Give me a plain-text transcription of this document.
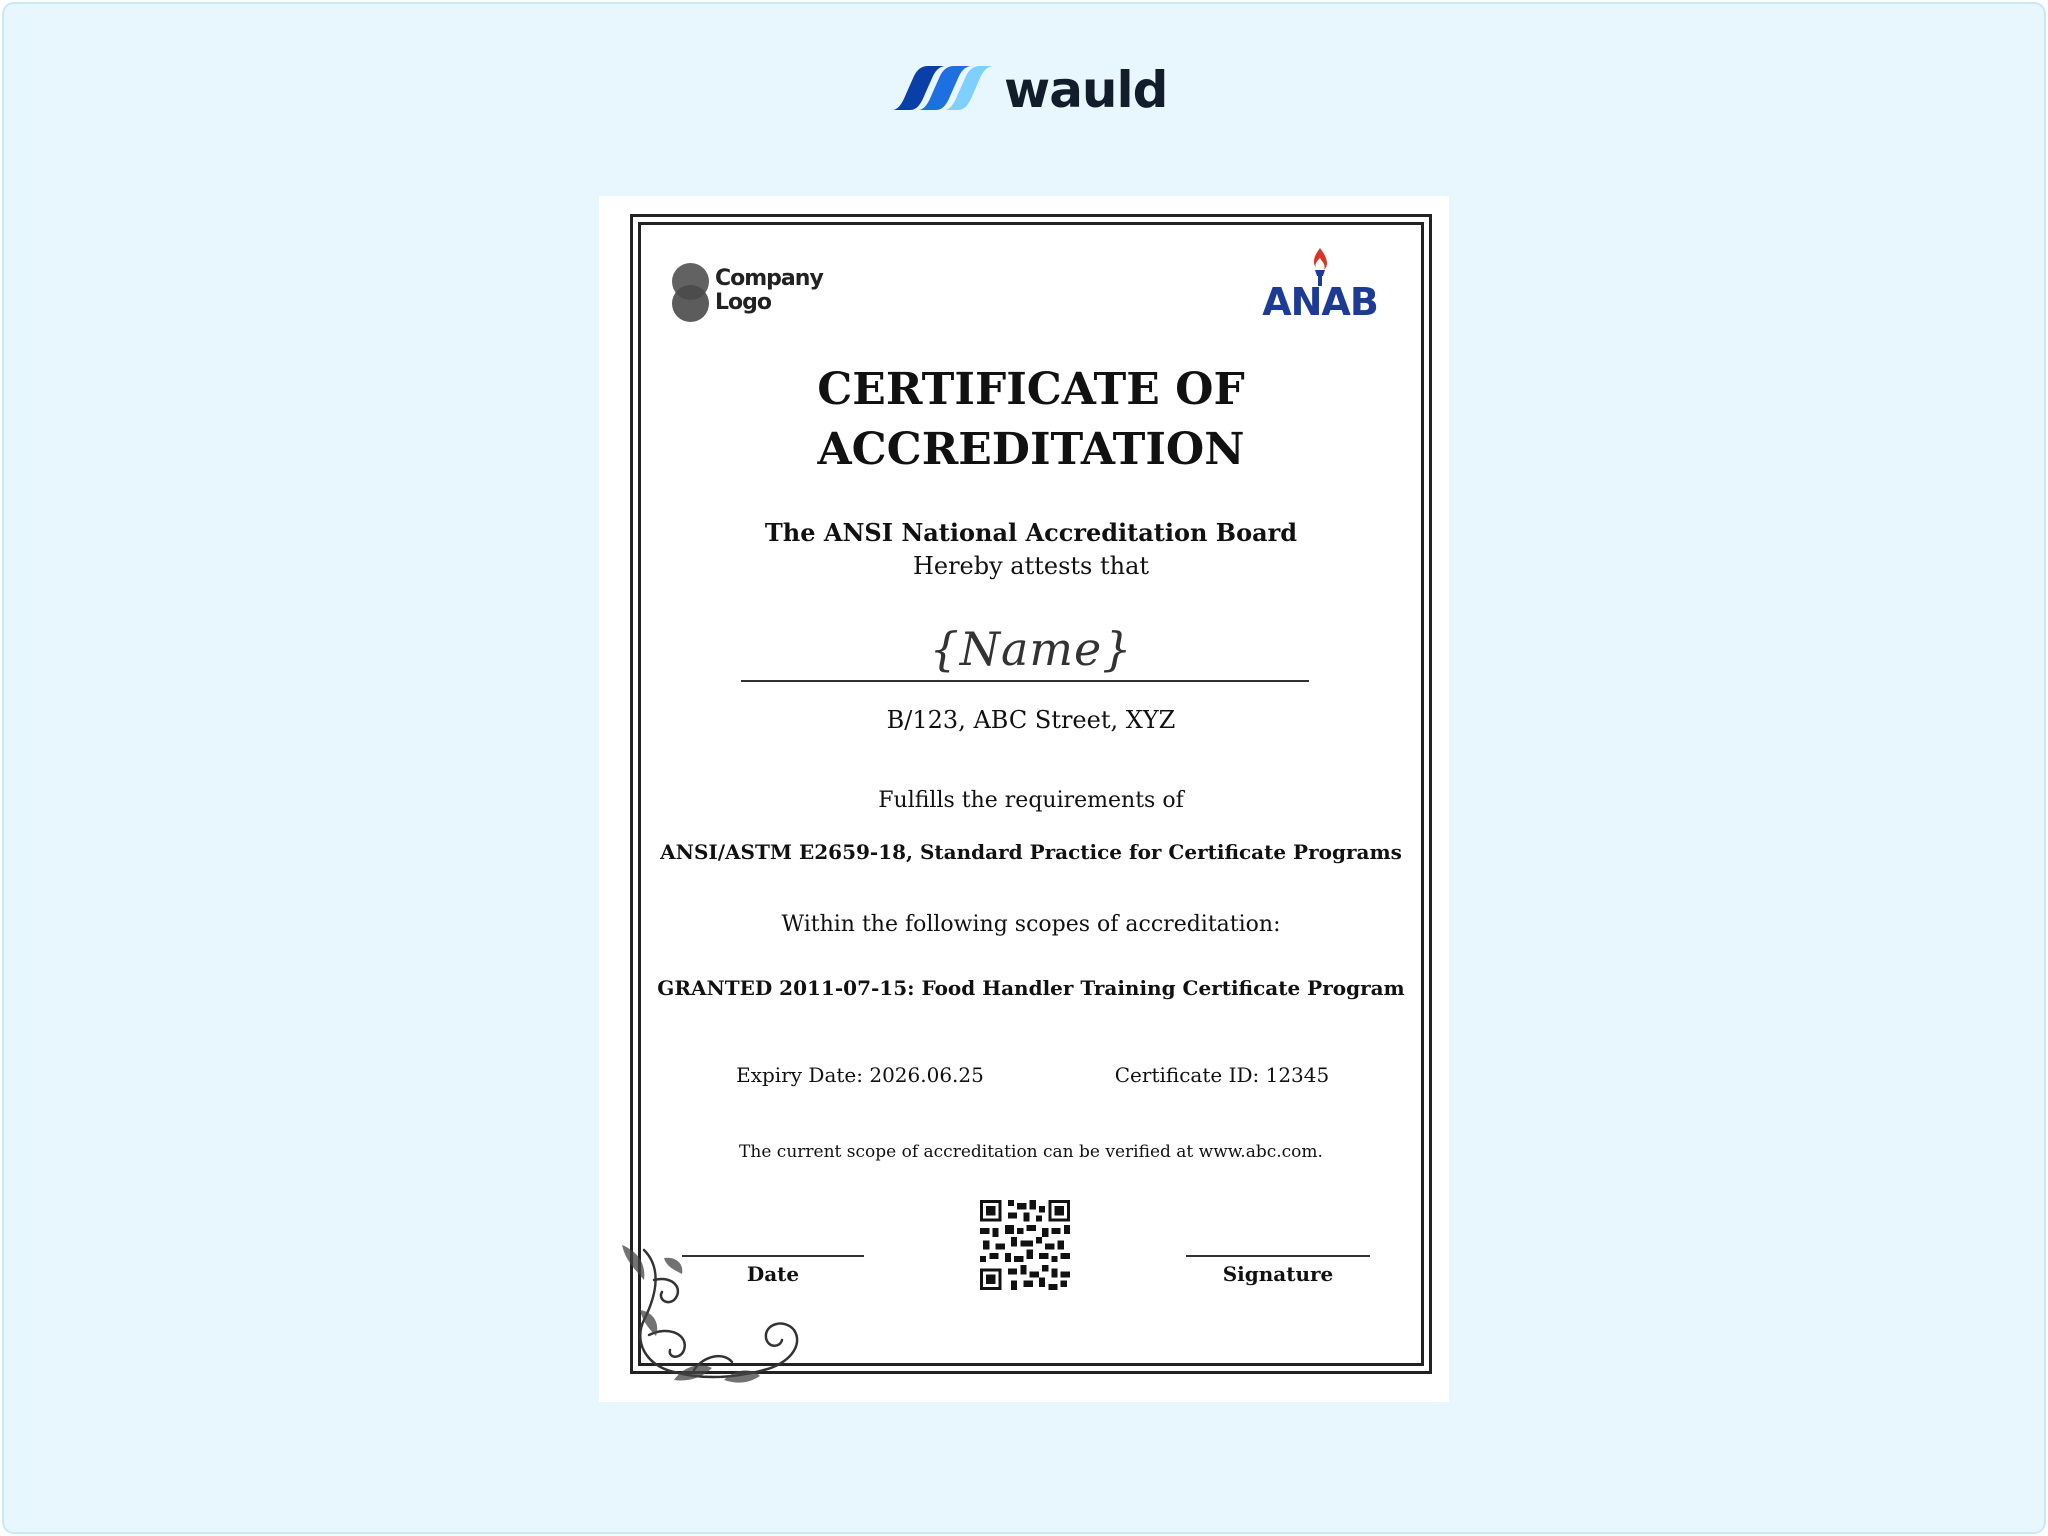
wauld
Company
Logo	ANAB
CERTIFICATE OF
ACCREDITATION
The ANSI National Accreditation Board
Hereby attests that
{Name}
B/123, ABC Street, XYZ
Fulfills the requirements of
ANSI/ASTM E2659-18, Standard Practice for Certificate Programs
Within the following scopes of accreditation:
GRANTED 2011-07-15: Food Handler Training Certificate Program
Expiry Date: 2026.06.25	Certificate ID: 12345
The current scope of accreditation can be verified at www.abc.com.
Date	Signature
